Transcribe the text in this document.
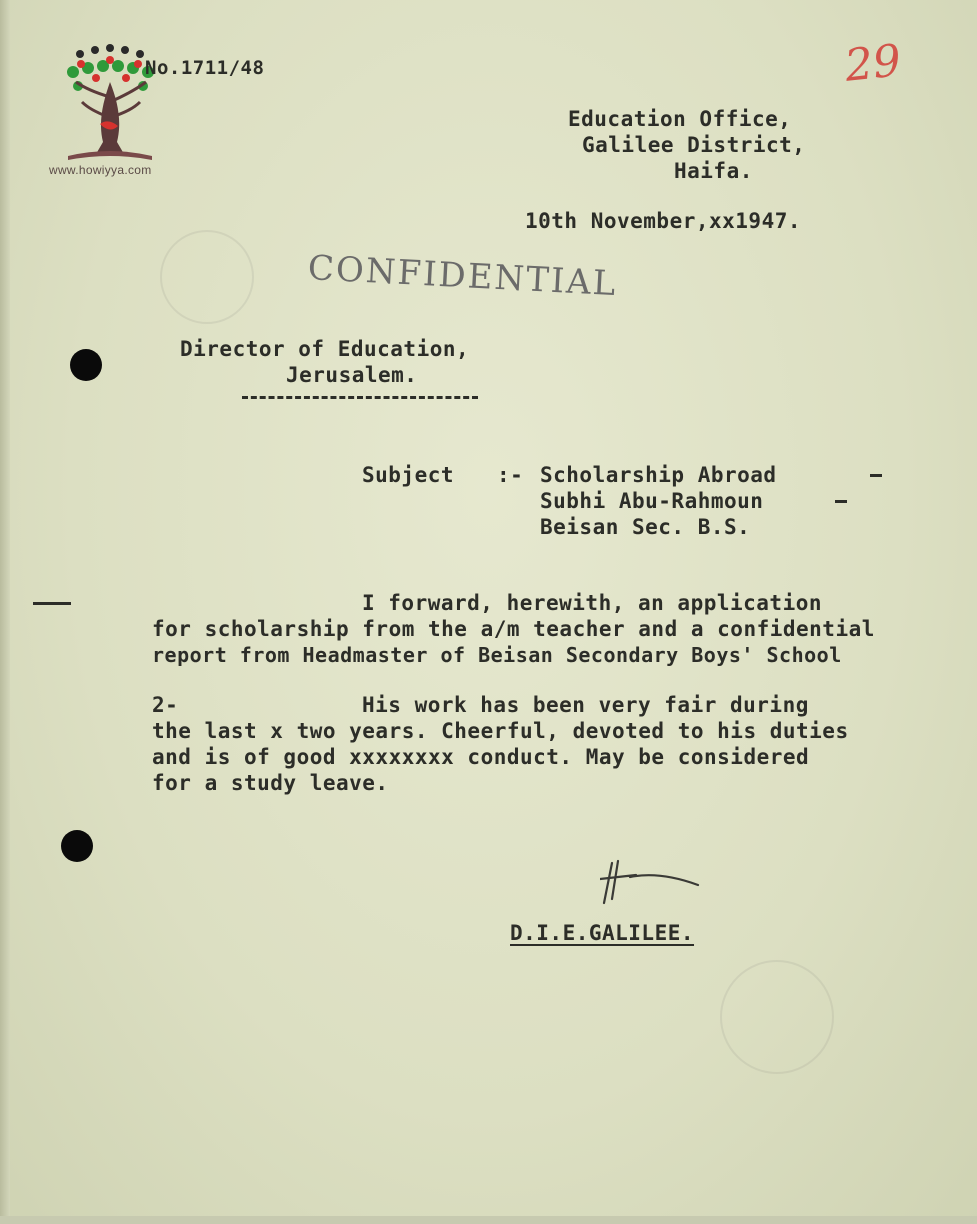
www.howiyya.com
No.1711/48	29
Education Office,
Galilee District,
Haifa.
10th November,xx1947.
CONFIDENTIAL
Director of Education,
Jerusalem.
Subject :- Scholarship Abroad
Subhi Abu-Rahmoun
Beisan Sec. B.S.
I forward, herewith, an application
for scholarship from the a/m teacher and a confidential
report from Headmaster of Beisan Secondary Boys' School
2-	His work has been very fair during
the last x two years. Cheerful, devoted to his duties
and is of good xxxxxxxx conduct. May be considered
for a study leave.
D.I.E.GALILEE.
